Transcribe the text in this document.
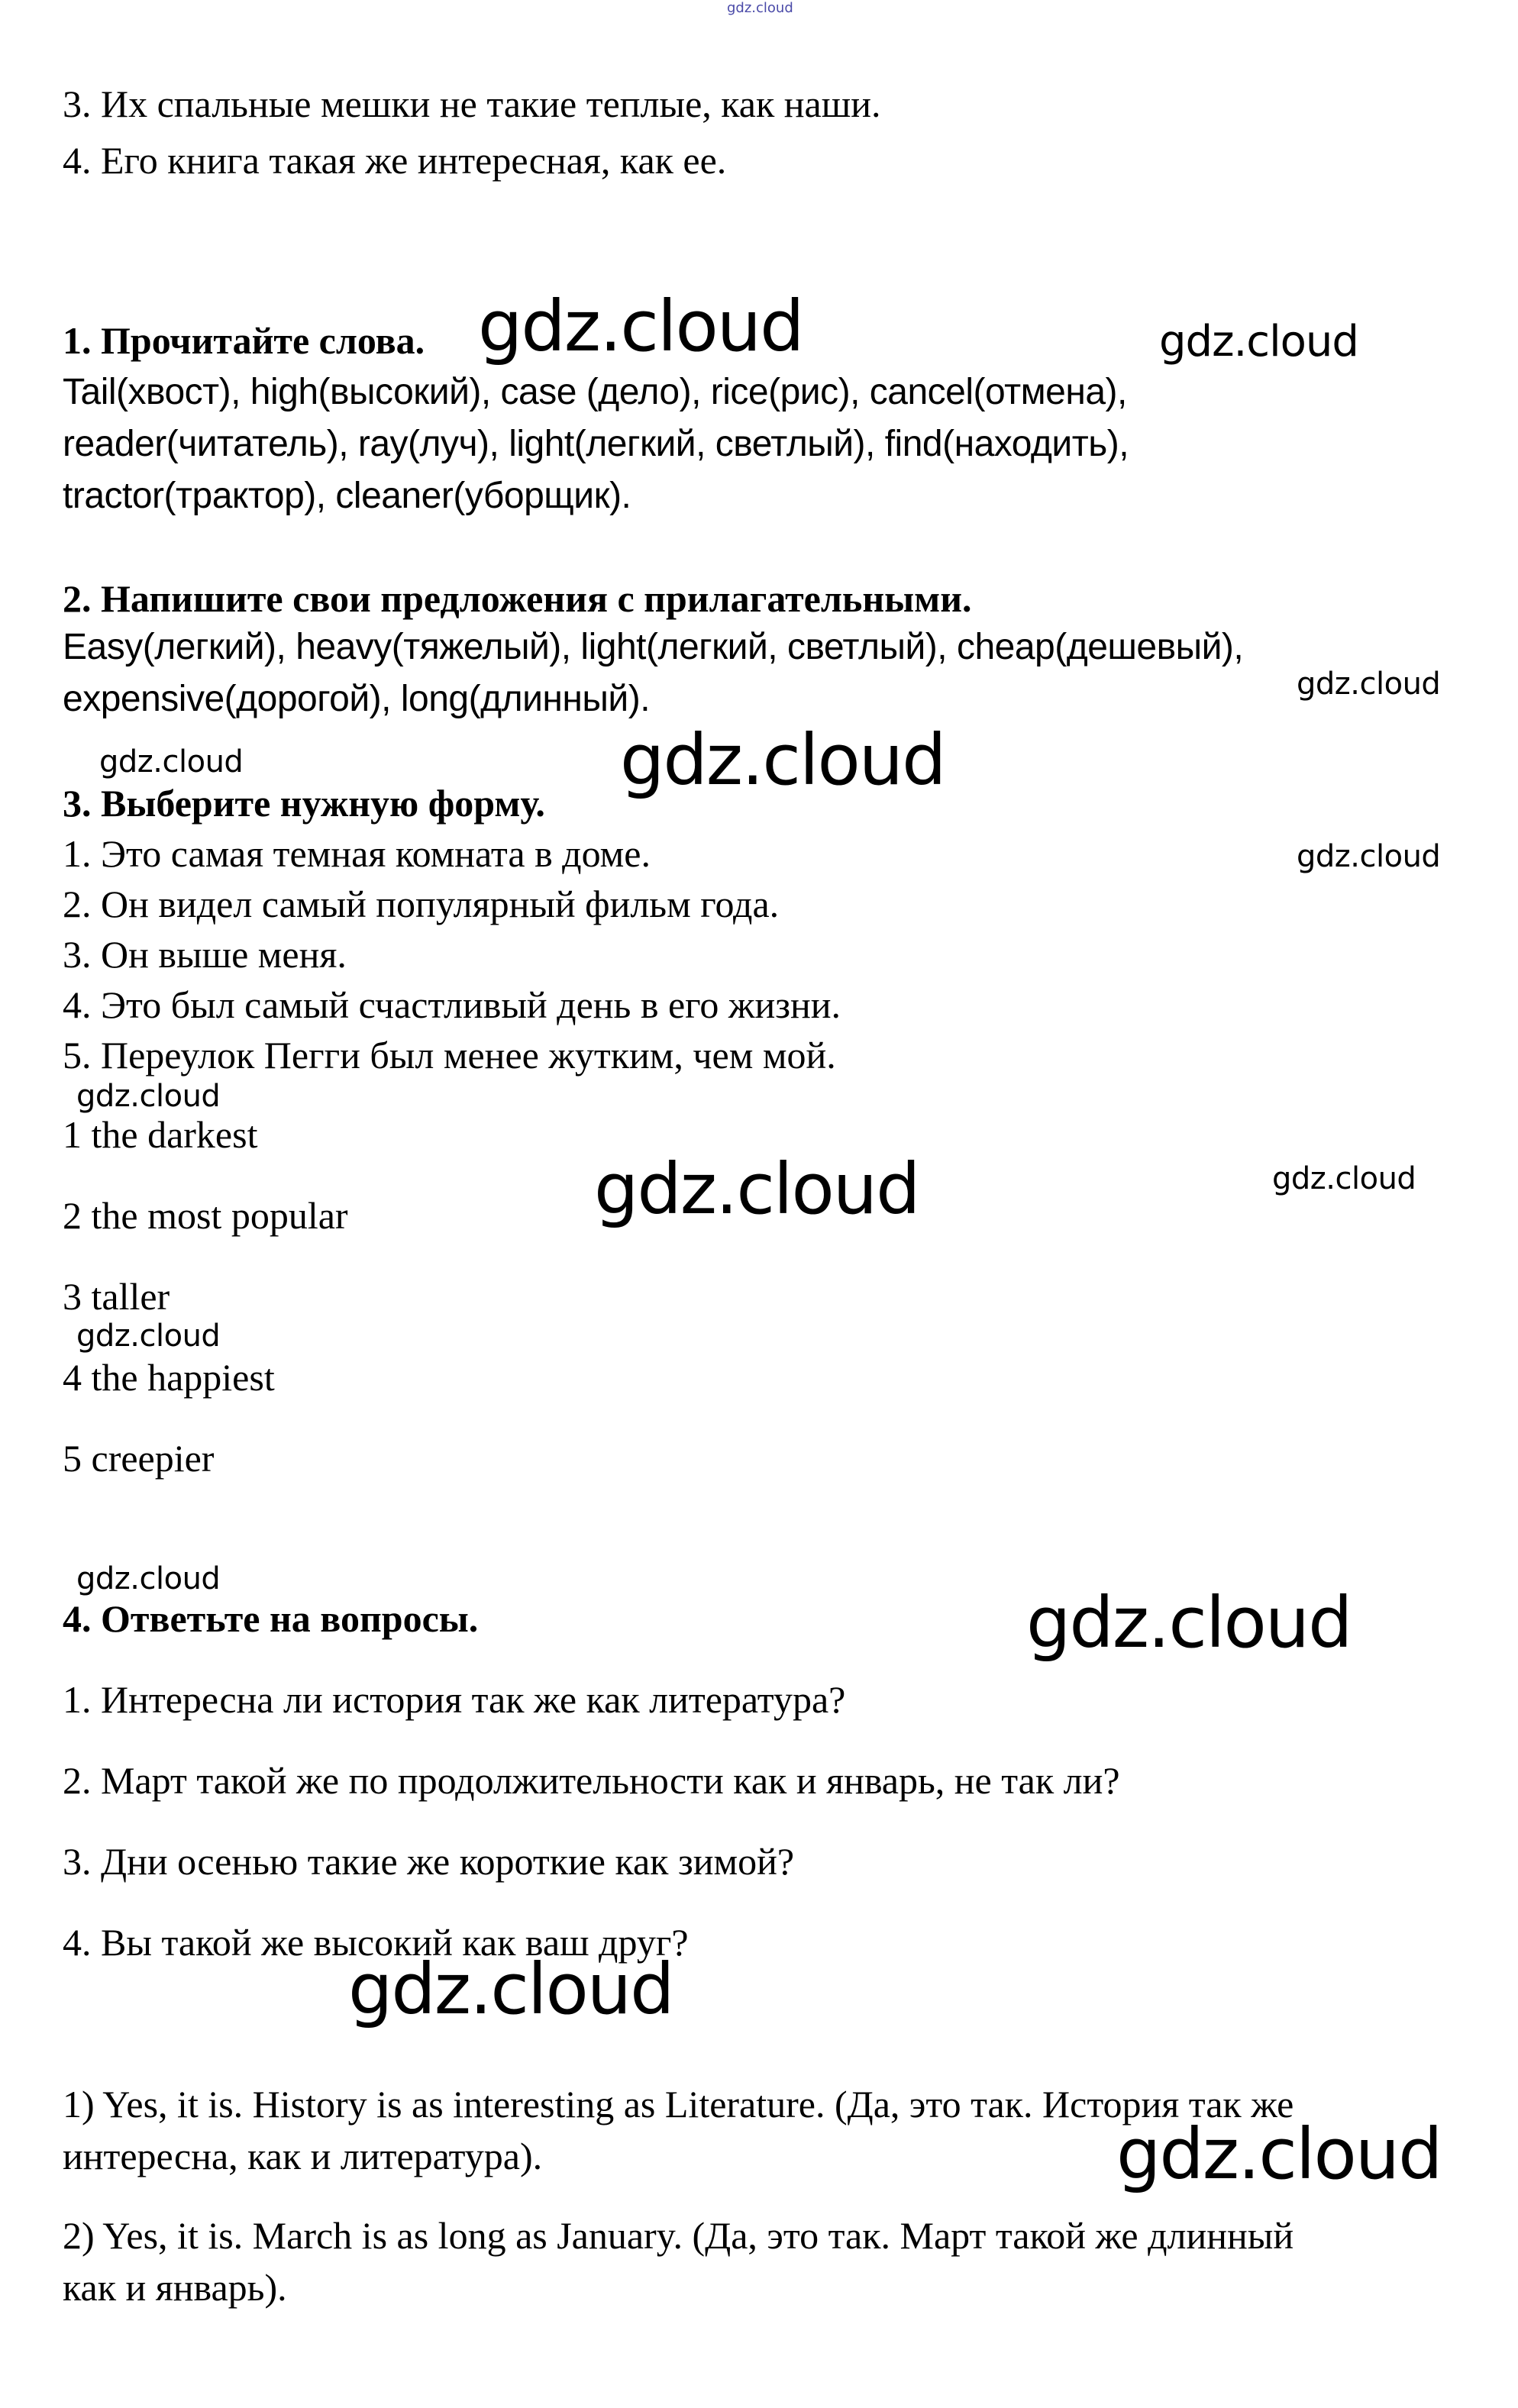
gdz.cloud
3. Их спальные мешки не такие теплые, как наши.
4. Его книга такая же интересная, как ее.
1. Прочитайте слова.
Tail(хвост), high(высокий), case (дело), rice(рис), cancel(отмена),
reader(читатель), ray(луч), light(легкий, светлый), find(находить),
tractor(трактор), cleaner(уборщик).
gdz.cloud	gdz.cloud
2. Напишите свои предложения с прилагательными.
Easy(легкий), heavy(тяжелый), light(легкий, светлый), cheap(дешевый),
expensive(дорогой), long(длинный).	gdz.cloud
gdz.cloud	gdz.cloud
3. Выберите нужную форму.
1. Это самая темная комната в доме.
2. Он видел самый популярный фильм года.
3. Он выше меня.
4. Это был самый счастливый день в его жизни.
5. Переулок Пегги был менее жутким, чем мой.
gdz.cloud
gdz.cloud
1 the darkest
2 the most popular
3 taller
4 the happiest
5 creepier
gdz.cloud	gdz.cloud
gdz.cloud
gdz.cloud
4. Ответьте на вопросы.	gdz.cloud
1. Интересна ли история так же как литература?
2. Март такой же по продолжительности как и январь, не так ли?
3. Дни осенью такие же короткие как зимой?
4. Вы такой же высокий как ваш друг?
gdz.cloud
1) Yes, it is. History is as interesting as Literature. (Да, это так. История так же
интересна, как и литература).	gdz.cloud
2) Yes, it is. March is as long as January. (Да, это так. Март такой же длинный
как и январь).
